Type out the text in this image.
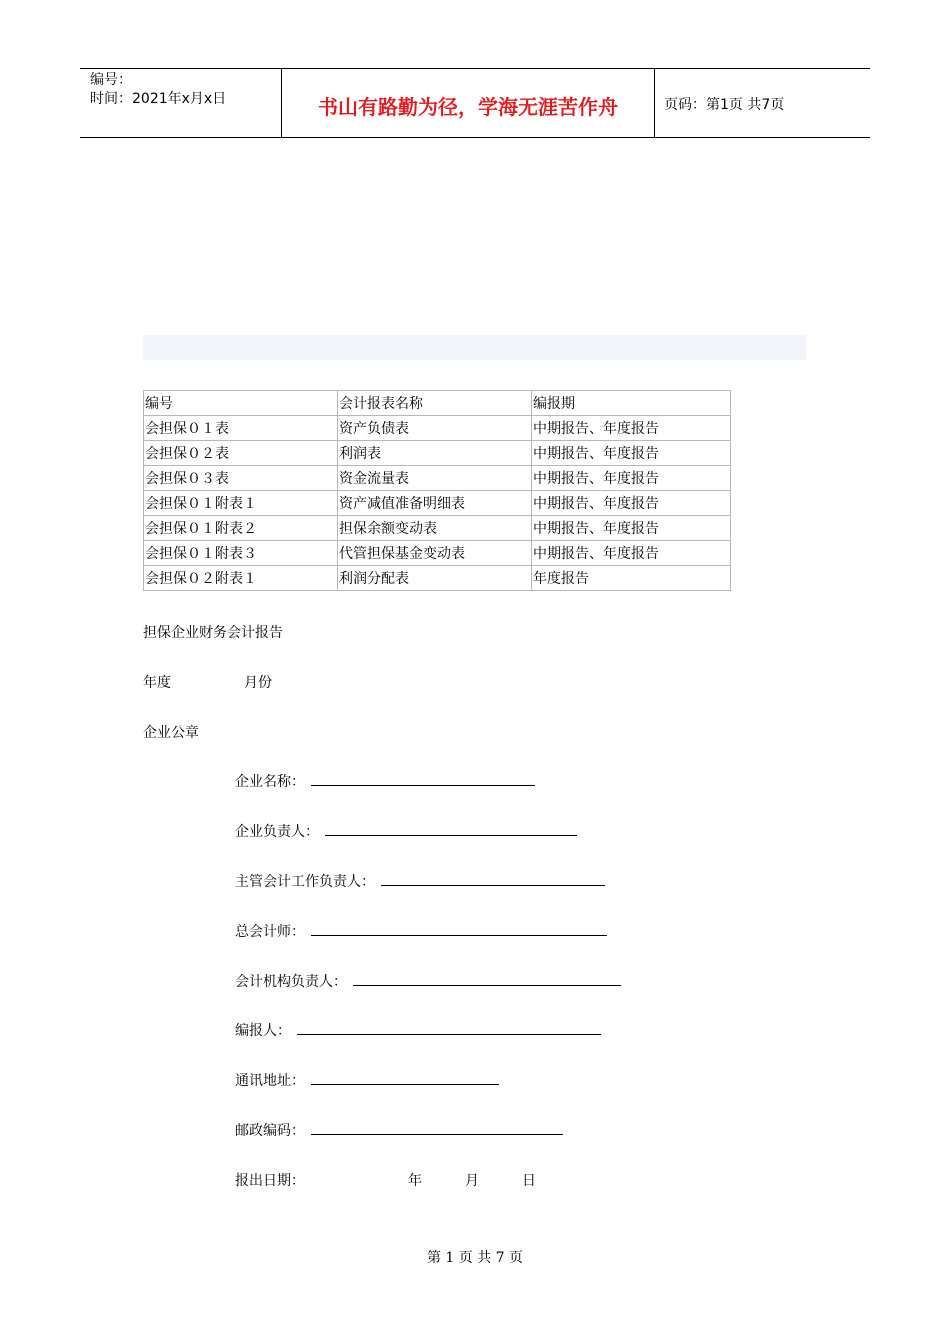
编号：
时间：2021年x月x日	书山有路勤为径，学海无涯苦作舟	页码：第1页 共7页
编号	会计报表名称	编报期
会担保０１表	资产负债表	中期报告、年度报告
会担保０２表	利润表	中期报告、年度报告
会担保０３表	资金流量表	中期报告、年度报告
会担保０１附表１	资产减值准备明细表	中期报告、年度报告
会担保０１附表２	担保余额变动表	中期报告、年度报告
会担保０１附表３	代管担保基金变动表	中期报告、年度报告
会担保０２附表１	利润分配表	年度报告
担保企业财务会计报告
年度	月份
企业公章
企业名称：
企业负责人：
主管会计工作负责人：
总会计师：
会计机构负责人：
编报人：
通讯地址：
邮政编码：
报出日期：	年	月	日
第 1 页 共 7 页
